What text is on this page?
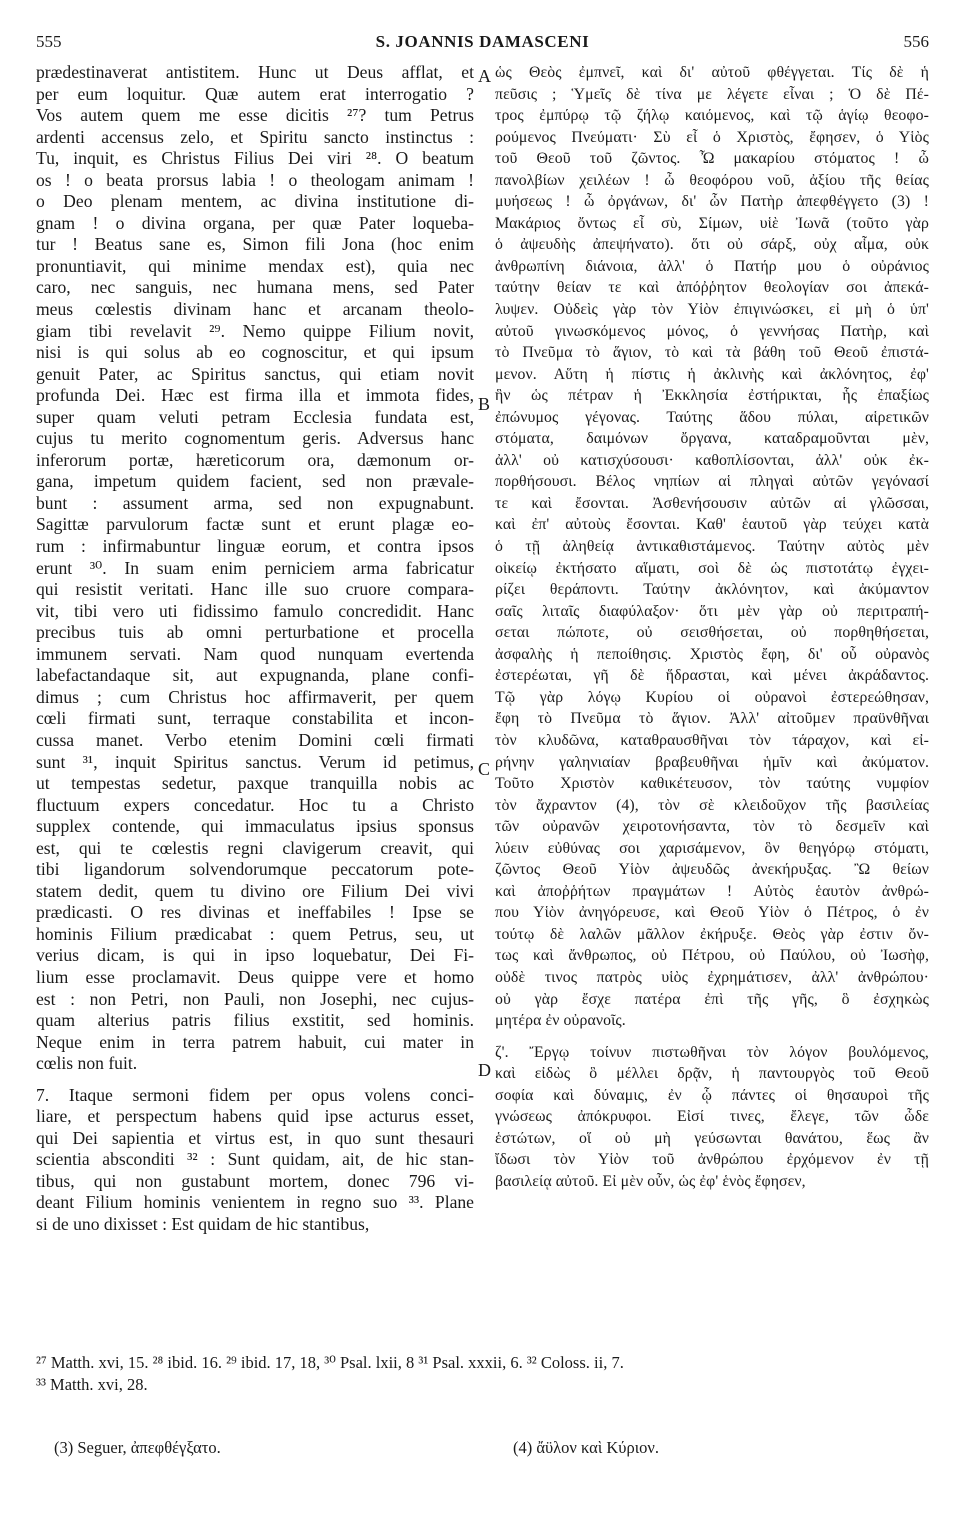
555	S. JOANNIS DAMASCENI	556
prædestinaverat antistitem. Hunc ut Deus afflat, et
per eum loquitur. Quæ autem erat interrogatio ?
Vos autem quem me esse dicitis ²⁷? tum Petrus
ardenti accensus zelo, et Spiritu sancto instinctus :
Tu, inquit, es Christus Filius Dei viri ²⁸. O beatum
os ! o beata prorsus labia ! o theologam animam !
o Deo plenam mentem, ac divina institutione di-
gnam ! o divina organa, per quæ Pater loqueba-
tur ! Beatus sane es, Simon fili Jona (hoc enim
pronuntiavit, qui minime mendax est), quia nec
caro, nec sanguis, nec humana mens, sed Pater
meus cœlestis divinam hanc et arcanam theolo-
giam tibi revelavit ²⁹. Nemo quippe Filium novit,
nisi is qui solus ab eo cognoscitur, et qui ipsum
genuit Pater, ac Spiritus sanctus, qui etiam novit
profunda Dei. Hæc est firma illa et immota fides,
super quam veluti petram Ecclesia fundata est,
cujus tu merito cognomentum geris. Adversus hanc
inferorum portæ, hæreticorum ora, dæmonum or-
gana, impetum quidem facient, sed non prævale-
bunt : assument arma, sed non expugnabunt.
Sagittæ parvulorum factæ sunt et erunt plagæ eo-
rum : infirmabuntur linguæ eorum, et contra ipsos
erunt ³⁰. In suam enim perniciem arma fabricatur
qui resistit veritati. Hanc ille suo cruore compara-
vit, tibi vero uti fidissimo famulo concredidit. Hanc
precibus tuis ab omni perturbatione et procella
immunem servati. Nam quod nunquam evertenda
labefactandaque sit, aut expugnanda, plane confi-
dimus ; cum Christus hoc affirmaverit, per quem
cœli firmati sunt, terraque constabilita et incon-
cussa manet. Verbo etenim Domini cœli firmati
sunt ³¹, inquit Spiritus sanctus. Verum id petimus,
ut tempestas sedetur, paxque tranquilla nobis ac
fluctuum expers concedatur. Hoc tu a Christo
supplex contende, qui immaculatus ipsius sponsus
est, qui te cœlestis regni clavigerum creavit, qui
tibi ligandorum solvendorumque peccatorum pote-
statem dedit, quem tu divino ore Filium Dei vivi
prædicasti. O res divinas et ineffabiles ! Ipse se
hominis Filium prædicabat : quem Petrus, seu, ut
verius dicam, is qui in ipso loquebatur, Dei Fi-
lium esse proclamavit. Deus quippe vere et homo
est : non Petri, non Pauli, non Josephi, nec cujus-
quam alterius patris filius exstitit, sed hominis.
Neque enim in terra patrem habuit, cui mater in
cœlis non fuit.
7. Itaque sermoni fidem per opus volens conci-
liare, et perspectum habens quid ipse acturus esset,
qui Dei sapientia et virtus est, in quo sunt thesauri
scientia absconditi ³² : Sunt quidam, ait, de hic stan-
tibus, qui non gustabunt mortem, donec 796 vi-
deant Filium hominis venientem in regno suo ³³. Plane
si de uno dixisset : Est quidam de hic stantibus,
ὡς Θεὸς ἐμπνεῖ, καὶ δι' αὐτοῦ φθέγγεται. Τίς δὲ ἡ
πεῦσις ; Ὑμεῖς δὲ τίνα με λέγετε εἶναι ; Ὁ δὲ Πέ-
τρος ἐμπύρῳ τῷ ζήλῳ καιόμενος, καὶ τῷ ἁγίῳ θεοφο-
ρούμενος Πνεύματι· Σὺ εἶ ὁ Χριστὸς, ἔφησεν, ὁ Υἱὸς
τοῦ Θεοῦ τοῦ ζῶντος. Ὦ μακαρίου στόματος ! ὦ
πανολβίων χειλέων ! ὦ θεοφόρου νοῦ, ἀξίου τῆς θείας
μυήσεως ! ὦ ὀργάνων, δι' ὧν Πατὴρ ἀπεφθέγγετο (3) !
Μακάριος ὄντως εἶ σὺ, Σίμων, υἱὲ Ἰωνᾶ (τοῦτο γὰρ
ὁ ἀψευδὴς ἀπεψήνατο). ὅτι οὐ σάρξ, οὐχ αἷμα, οὐκ
ἀνθρωπίνη διάνοια, ἀλλ' ὁ Πατήρ μου ὁ οὐράνιος
ταύτην θείαν τε καὶ ἀπόῤῥητον θεολογίαν σοι ἀπεκά-
λυψεν. Οὐδεὶς γὰρ τὸν Υἱὸν ἐπιγινώσκει, εἰ μὴ ὁ ὑπ'
αὐτοῦ γινωσκόμενος μόνος, ὁ γεννήσας Πατὴρ, καὶ
τὸ Πνεῦμα τὸ ἅγιον, τὸ καὶ τὰ βάθη τοῦ Θεοῦ ἐπιστά-
μενον. Αὕτη ἡ πίστις ἡ ἀκλινὴς καὶ ἀκλόνητος, ἐφ'
ἣν ὡς πέτραν ἡ Ἐκκλησία ἐστήρικται, ἧς ἐπαξίως
ἐπώνυμος γέγονας. Ταύτης ἅδου πύλαι, αἱρετικῶν
στόματα, δαιμόνων ὄργανα, καταδραμοῦνται μὲν,
ἀλλ' οὐ κατισχύσουσι· καθοπλίσονται, ἀλλ' οὐκ ἐκ-
πορθήσουσι. Βέλος νηπίων αἱ πληγαὶ αὐτῶν γεγόνασί
τε καὶ ἔσονται. Ἀσθενήσουσιν αὐτῶν αἱ γλῶσσαι,
καὶ ἐπ' αὐτοὺς ἔσονται. Καθ' ἑαυτοῦ γὰρ τεύχει κατὰ
ὁ τῇ ἀληθείᾳ ἀντικαθιστάμενος. Ταύτην αὐτὸς μὲν
οἰκείῳ ἐκτήσατο αἵματι, σοὶ δὲ ὡς πιστοτάτῳ ἐγχει-
ρίζει θεράποντι. Ταύτην ἀκλόνητον, καὶ ἀκύμαντον
σαῖς λιταῖς διαφύλαξον· ὅτι μὲν γὰρ οὐ περιτραπή-
σεται πώποτε, οὐ σεισθήσεται, οὐ πορθηθήσεται,
ἀσφαλὴς ἡ πεποίθησις. Χριστὸς ἔφη, δι' οὗ οὐρανὸς
ἐστερέωται, γῆ δὲ ἥδρασται, καὶ μένει ἀκράδαντος.
Τῷ γὰρ λόγῳ Κυρίου οἱ οὐρανοὶ ἐστερεώθησαν,
ἔφη τὸ Πνεῦμα τὸ ἅγιον. Ἀλλ' αἰτοῦμεν πραϋνθῆναι
τὸν κλυδῶνα, καταθραυσθῆναι τὸν τάραχον, καὶ εἰ-
ρήνην γαληνιαίαν βραβευθῆναι ἡμῖν καὶ ἀκύματον.
Τοῦτο Χριστὸν καθικέτευσον, τὸν ταύτης νυμφίον
τὸν ἄχραντον (4), τὸν σὲ κλειδοῦχον τῆς βασιλείας
τῶν οὐρανῶν χειροτονήσαντα, τὸν τὸ δεσμεῖν καὶ
λύειν εὐθύνας σοι χαρισάμενον, ὃν θεηγόρῳ στόματι,
ζῶντος Θεοῦ Υἱὸν ἀψευδῶς ἀνεκήρυξας. Ὢ θείων
καὶ ἀποῤῥήτων πραγμάτων ! Αὐτὸς ἑαυτὸν ἀνθρώ-
που Υἱὸν ἀνηγόρευσε, καὶ Θεοῦ Υἱὸν ὁ Πέτρος, ὁ ἐν
τούτῳ δὲ λαλῶν μᾶλλον ἐκήρυξε. Θεὸς γὰρ ἐστιν ὄν-
τως καὶ ἄνθρωπος, οὐ Πέτρου, οὐ Παύλου, οὐ Ἰωσὴφ,
οὐδὲ τινος πατρὸς υἱὸς ἐχρημάτισεν, ἀλλ' ἀνθρώπου·
οὐ γὰρ ἔσχε πατέρα ἐπὶ τῆς γῆς, ὃ ἐσχηκὼς
μητέρα ἐν οὐρανοῖς.
ζ'. Ἔργῳ τοίνυν πιστωθῆναι τὸν λόγον βουλόμενος,
καὶ εἰδὼς ὃ μέλλει δρᾷν, ἡ παντουργὸς τοῦ Θεοῦ
σοφία καὶ δύναμις, ἐν ᾧ πάντες οἱ θησαυροὶ τῆς
γνώσεως ἀπόκρυφοι. Εἰσί τινες, ἔλεγε, τῶν ὧδε
ἑστώτων, οἵ οὐ μὴ γεύσωνται θανάτου, ἕως ἂν
ἴδωσι τὸν Υἱὸν τοῦ ἀνθρώπου ἐρχόμενον ἐν τῇ
βασιλείᾳ αὐτοῦ. Εἰ μὲν οὖν, ὡς ἐφ' ἑνὸς ἔφησεν,
A
B
C
D
²⁷ Matth. xvi, 15. ²⁸ ibid. 16. ²⁹ ibid. 17, 18, ³⁰ Psal. lxii, 8 ³¹ Psal. xxxii, 6. ³² Coloss. ii, 7.
³³ Matth. xvi, 28.
(3) Seguer, ἀπεφθέγξατο.	(4) ἄϋλον καὶ Κύριον.
